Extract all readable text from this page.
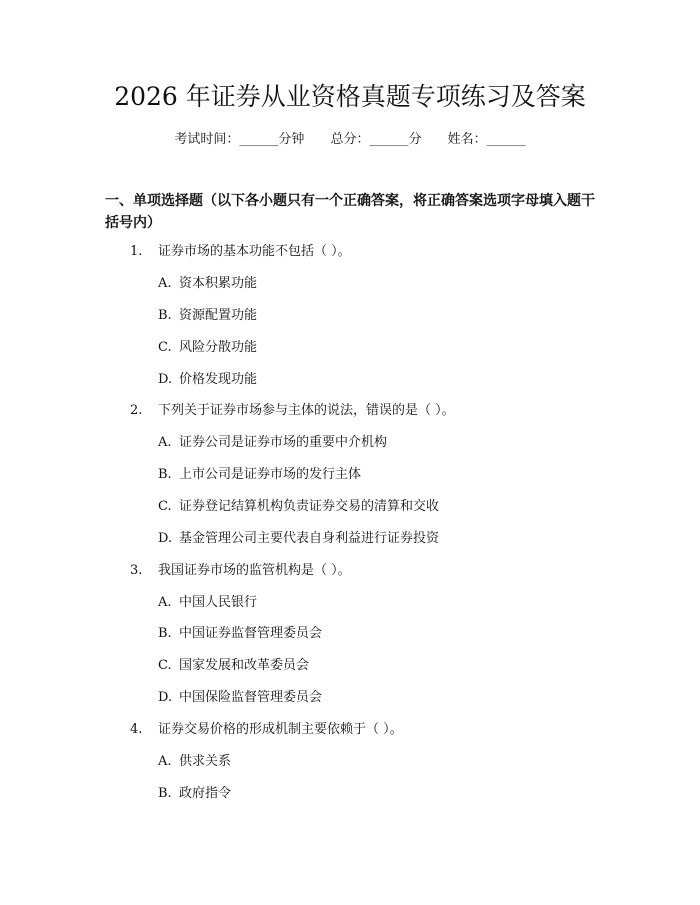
2026 年证券从业资格真题专项练习及答案
考试时间：______分钟 总分：______分 姓名：______
一、单项选择题（以下各小题只有一个正确答案，将正确答案选项字母填入题干
括号内）
1. 证券市场的基本功能不包括（ ）。
A. 资本积累功能
B. 资源配置功能
C. 风险分散功能
D. 价格发现功能
2. 下列关于证券市场参与主体的说法，错误的是（ ）。
A. 证券公司是证券市场的重要中介机构
B. 上市公司是证券市场的发行主体
C. 证券登记结算机构负责证券交易的清算和交收
D. 基金管理公司主要代表自身利益进行证券投资
3. 我国证券市场的监管机构是（ ）。
A. 中国人民银行
B. 中国证券监督管理委员会
C. 国家发展和改革委员会
D. 中国保险监督管理委员会
4. 证券交易价格的形成机制主要依赖于（ ）。
A. 供求关系
B. 政府指令
